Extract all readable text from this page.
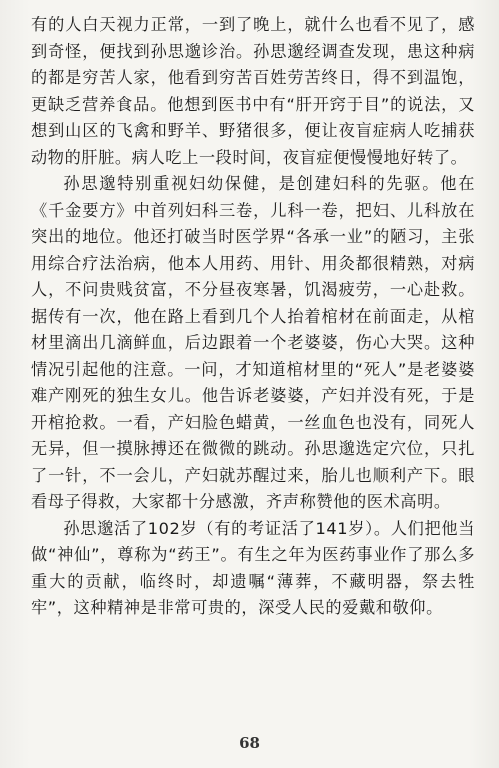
有的人白天视力正常，一到了晚上，就什么也看不见了，感到奇怪，便找到孙思邈诊治。孙思邈经调查发现，患这种病的都是穷苦人家，他看到穷苦百姓劳苦终日，得不到温饱，更缺乏营养食品。他想到医书中有“肝开窍于目”的说法，又想到山区的飞禽和野羊、野猪很多，便让夜盲症病人吃捕获动物的肝脏。病人吃上一段时间，夜盲症便慢慢地好转了。

孙思邈特别重视妇幼保健，是创建妇科的先驱。他在《千金要方》中首列妇科三卷，儿科一卷，把妇、儿科放在突出的地位。他还打破当时医学界“各承一业”的陋习，主张用综合疗法治病，他本人用药、用针、用灸都很精熟，对病人，不问贵贱贫富，不分昼夜寒暑，饥渴疲劳，一心赴救。据传有一次，他在路上看到几个人抬着棺材在前面走，从棺材里滴出几滴鲜血，后边跟着一个老婆婆，伤心大哭。这种情况引起他的注意。一问，才知道棺材里的“死人”是老婆婆难产刚死的独生女儿。他告诉老婆婆，产妇并没有死，于是开棺抢救。一看，产妇脸色蜡黄，一丝血色也没有，同死人无异，但一摸脉搏还在微微的跳动。孙思邈选定穴位，只扎了一针，不一会儿，产妇就苏醒过来，胎儿也顺利产下。眼看母子得救，大家都十分感激，齐声称赞他的医术高明。

孙思邈活了102岁（有的考证活了141岁）。人们把他当做“神仙”，尊称为“药王”。有生之年为医药事业作了那么多重大的贡献，临终时，却遗嘱“薄葬，不藏明器，祭去牲牢”，这种精神是非常可贵的，深受人民的爱戴和敬仰。

68
